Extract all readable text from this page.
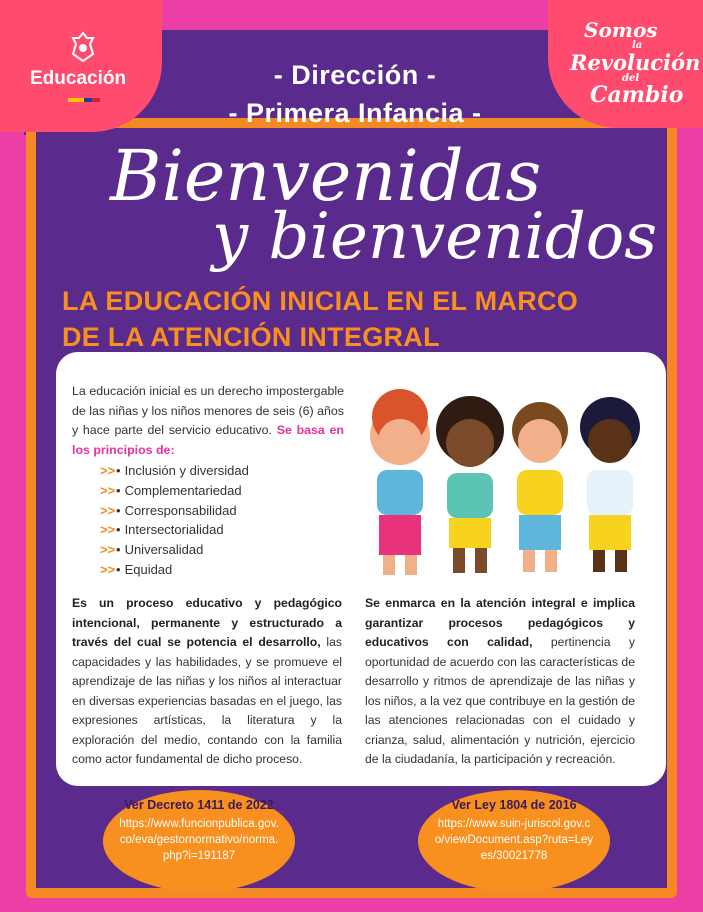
Educación
Somos
la
Revolución
del
Cambio
- Dirección -
- Primera Infancia -
Bienvenidas
y bienvenidos
LA EDUCACIÓN INICIAL EN EL MARCO
DE LA ATENCIÓN INTEGRAL
La educación inicial es un derecho impostergable de las niñas y los niños menores de seis (6) años y hace parte del servicio educativo. Se basa en los principios de:
>> • Inclusión y diversidad
>> • Complementariedad
>> • Corresponsabilidad
>> • Intersectorialidad
>> • Universalidad
>> • Equidad
Es un proceso educativo y pedagógico intencional, permanente y estructurado a través del cual se potencia el desarrollo, las capacidades y las habilidades, y se promueve el aprendizaje de las niñas y los niños al interactuar en diversas experiencias basadas en el juego, las expresiones artísticas, la literatura y la exploración del medio, contando con la familia como actor fundamental de dicho proceso.
Se enmarca en la atención integral e implica garantizar procesos pedagógicos y educativos con calidad, pertinencia y oportunidad de acuerdo con las características de desarrollo y ritmos de aprendizaje de las niñas y los niños, a la vez que contribuye en la gestión de las atenciones relacionadas con el cuidado y crianza, salud, alimentación y nutrición, ejercicio de la ciudadanía, la participación y recreación.
Ver Decreto 1411 de 2022
https://www.funcionpublica.gov.co/eva/gestornormativo/norma.php?i=191187
Ver Ley 1804 de 2016
https://www.suin-juriscol.gov.co/viewDocument.asp?ruta=Leyes/30021778
